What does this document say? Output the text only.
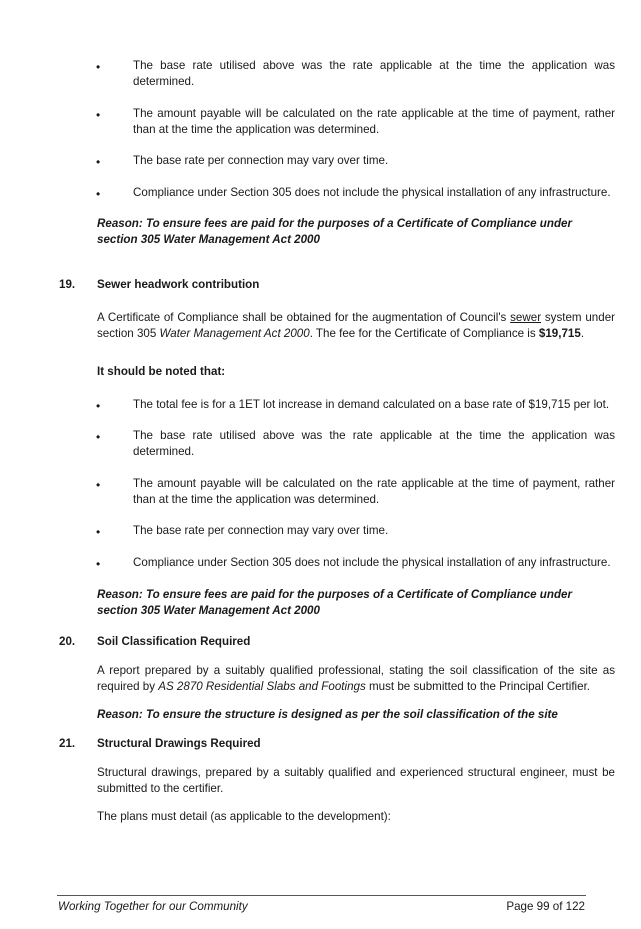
•	The base rate utilised above was the rate applicable at the time the application was determined.
•	The amount payable will be calculated on the rate applicable at the time of payment, rather than at the time the application was determined.
•	The base rate per connection may vary over time.
•	Compliance under Section 305 does not include the physical installation of any infrastructure.
Reason: To ensure fees are paid for the purposes of a Certificate of Compliance under section 305 Water Management Act 2000
19. Sewer headwork contribution
A Certificate of Compliance shall be obtained for the augmentation of Council's sewer system under section 305 Water Management Act 2000. The fee for the Certificate of Compliance is $19,715.
It should be noted that:
•	The total fee is for a 1ET lot increase in demand calculated on a base rate of $19,715 per lot.
•	The base rate utilised above was the rate applicable at the time the application was determined.
•	The amount payable will be calculated on the rate applicable at the time of payment, rather than at the time the application was determined.
•	The base rate per connection may vary over time.
•	Compliance under Section 305 does not include the physical installation of any infrastructure.
Reason: To ensure fees are paid for the purposes of a Certificate of Compliance under section 305 Water Management Act 2000
20. Soil Classification Required
A report prepared by a suitably qualified professional, stating the soil classification of the site as required by AS 2870 Residential Slabs and Footings must be submitted to the Principal Certifier.
Reason: To ensure the structure is designed as per the soil classification of the site
21. Structural Drawings Required
Structural drawings, prepared by a suitably qualified and experienced structural engineer, must be submitted to the certifier.
The plans must detail (as applicable to the development):
Working Together for our Community	Page 99 of 122
